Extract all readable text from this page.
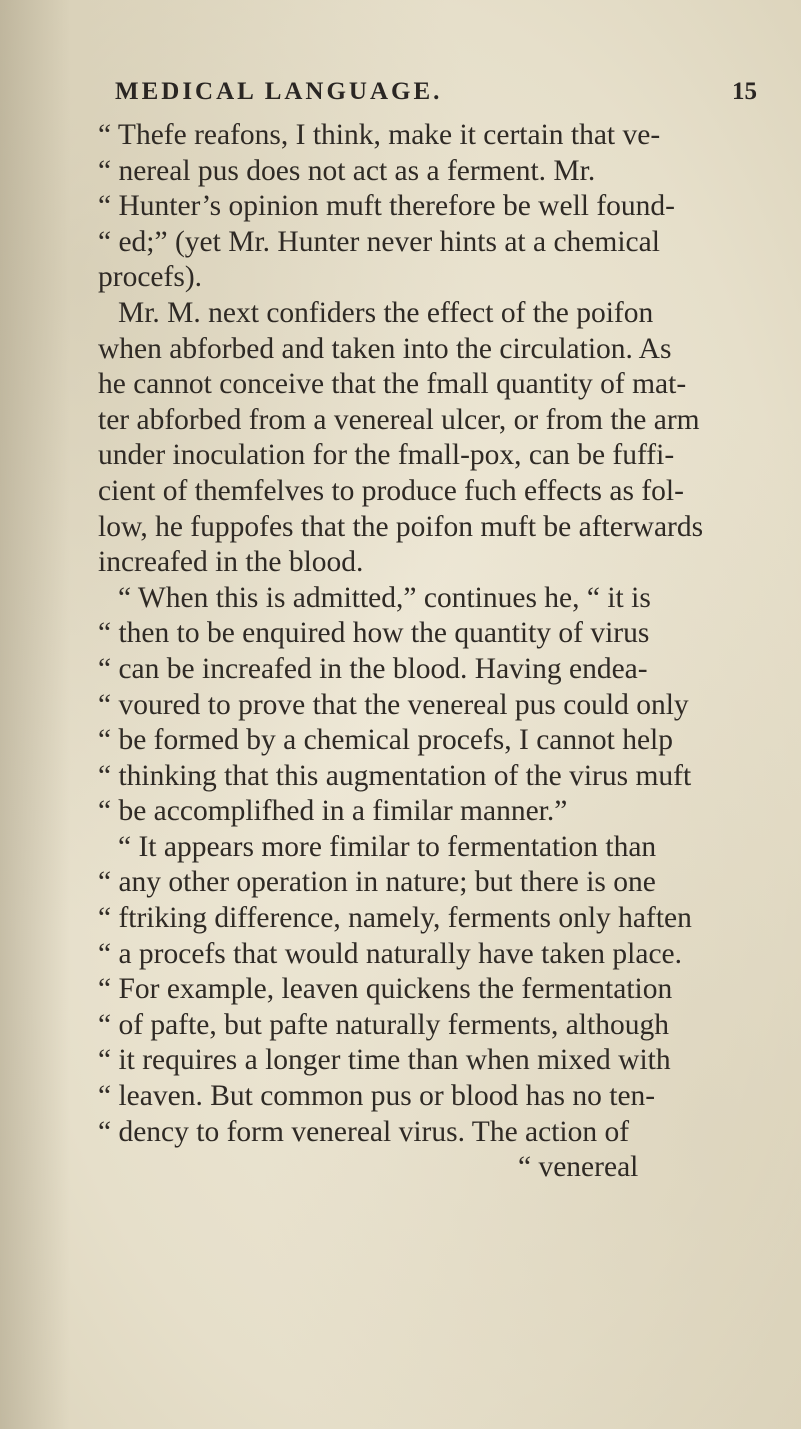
MEDICAL LANGUAGE.	15
“ Thefe reafons, I think, make it certain that ve-
“ nereal pus does not act as a ferment. Mr.
“ Hunter’s opinion muft therefore be well found-
“ ed;” (yet Mr. Hunter never hints at a chemical
procefs).
Mr. M. next confiders the effect of the poifon
when abforbed and taken into the circulation. As
he cannot conceive that the fmall quantity of mat-
ter abforbed from a venereal ulcer, or from the arm
under inoculation for the fmall-pox, can be fuffi-
cient of themfelves to produce fuch effects as fol-
low, he fuppofes that the poifon muft be afterwards
increafed in the blood.
“ When this is admitted,” continues he, “ it is
“ then to be enquired how the quantity of virus
“ can be increafed in the blood. Having endea-
“ voured to prove that the venereal pus could only
“ be formed by a chemical procefs, I cannot help
“ thinking that this augmentation of the virus muft
“ be accomplifhed in a fimilar manner.”
“ It appears more fimilar to fermentation than
“ any other operation in nature; but there is one
“ ftriking difference, namely, ferments only haften
“ a procefs that would naturally have taken place.
“ For example, leaven quickens the fermentation
“ of pafte, but pafte naturally ferments, although
“ it requires a longer time than when mixed with
“ leaven. But common pus or blood has no ten-
“ dency to form venereal virus. The action of
“ venereal
